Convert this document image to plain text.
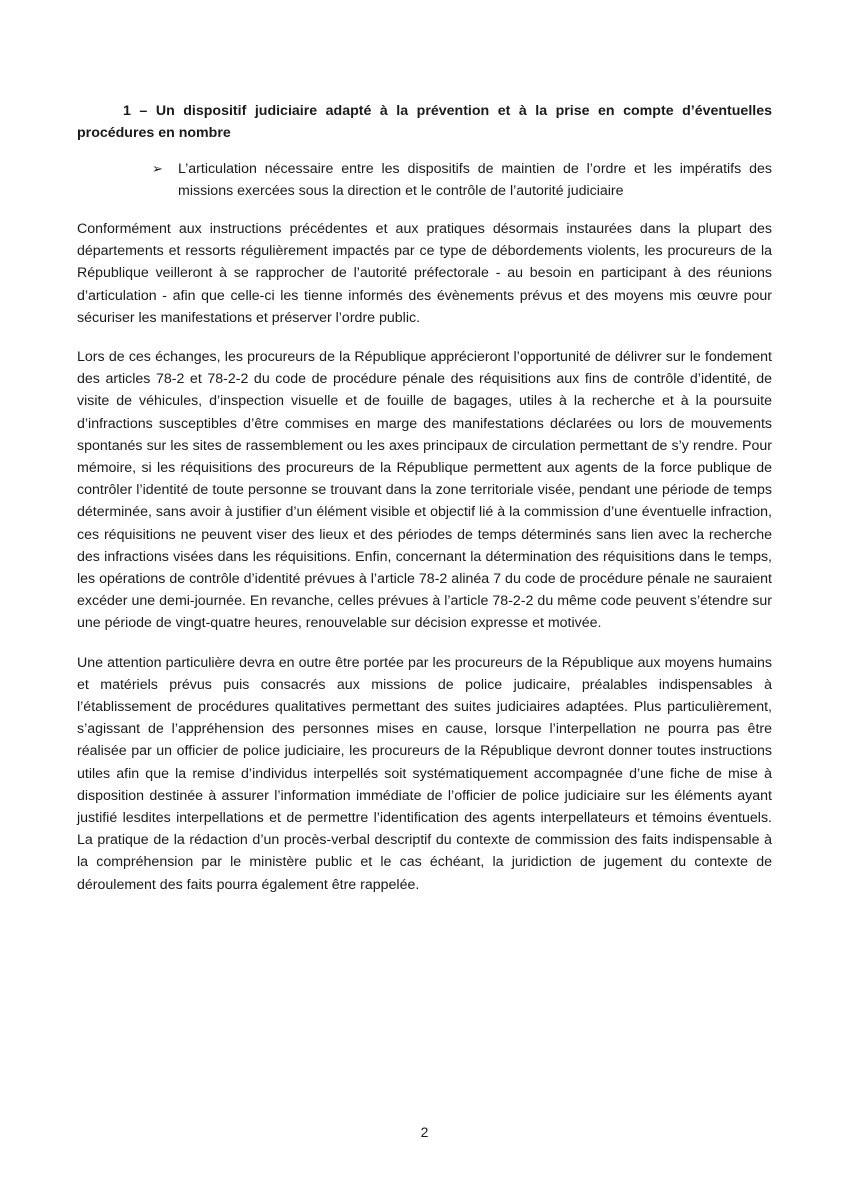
1 – Un dispositif judiciaire adapté à la prévention et à la prise en compte d’éventuelles procédures en nombre

➢	L’articulation nécessaire entre les dispositifs de maintien de l’ordre et les impératifs des missions exercées sous la direction et le contrôle de l’autorité judiciaire

Conformément aux instructions précédentes et aux pratiques désormais instaurées dans la plupart des départements et ressorts régulièrement impactés par ce type de débordements violents, les procureurs de la République veilleront à se rapprocher de l’autorité préfectorale - au besoin en participant à des réunions d’articulation - afin que celle-ci les tienne informés des évènements prévus et des moyens mis œuvre pour sécuriser les manifestations et préserver l’ordre public.

Lors de ces échanges, les procureurs de la République apprécieront l’opportunité de délivrer sur le fondement des articles 78-2 et 78-2-2 du code de procédure pénale des réquisitions aux fins de contrôle d’identité, de visite de véhicules, d’inspection visuelle et de fouille de bagages, utiles à la recherche et à la poursuite d’infractions susceptibles d’être commises en marge des manifestations déclarées ou lors de mouvements spontanés sur les sites de rassemblement ou les axes principaux de circulation permettant de s’y rendre. Pour mémoire, si les réquisitions des procureurs de la République permettent aux agents de la force publique de contrôler l’identité de toute personne se trouvant dans la zone territoriale visée, pendant une période de temps déterminée, sans avoir à justifier d’un élément visible et objectif lié à la commission d’une éventuelle infraction, ces réquisitions ne peuvent viser des lieux et des périodes de temps déterminés sans lien avec la recherche des infractions visées dans les réquisitions. Enfin, concernant la détermination des réquisitions dans le temps, les opérations de contrôle d’identité prévues à l’article 78-2 alinéa 7 du code de procédure pénale ne sauraient excéder une demi-journée. En revanche, celles prévues à l’article 78-2-2 du même code peuvent s’étendre sur une période de vingt-quatre heures, renouvelable sur décision expresse et motivée.

Une attention particulière devra en outre être portée par les procureurs de la République aux moyens humains et matériels prévus puis consacrés aux missions de police judicaire, préalables indispensables à l’établissement de procédures qualitatives permettant des suites judiciaires adaptées. Plus particulièrement, s’agissant de l’appréhension des personnes mises en cause, lorsque l’interpellation ne pourra pas être réalisée par un officier de police judiciaire, les procureurs de la République devront donner toutes instructions utiles afin que la remise d’individus interpellés soit systématiquement accompagnée d’une fiche de mise à disposition destinée à assurer l’information immédiate de l’officier de police judiciaire sur les éléments ayant justifié lesdites interpellations et de permettre l’identification des agents interpellateurs et témoins éventuels. La pratique de la rédaction d’un procès-verbal descriptif du contexte de commission des faits indispensable à la compréhension par le ministère public et le cas échéant, la juridiction de jugement du contexte de déroulement des faits pourra également être rappelée.

2
